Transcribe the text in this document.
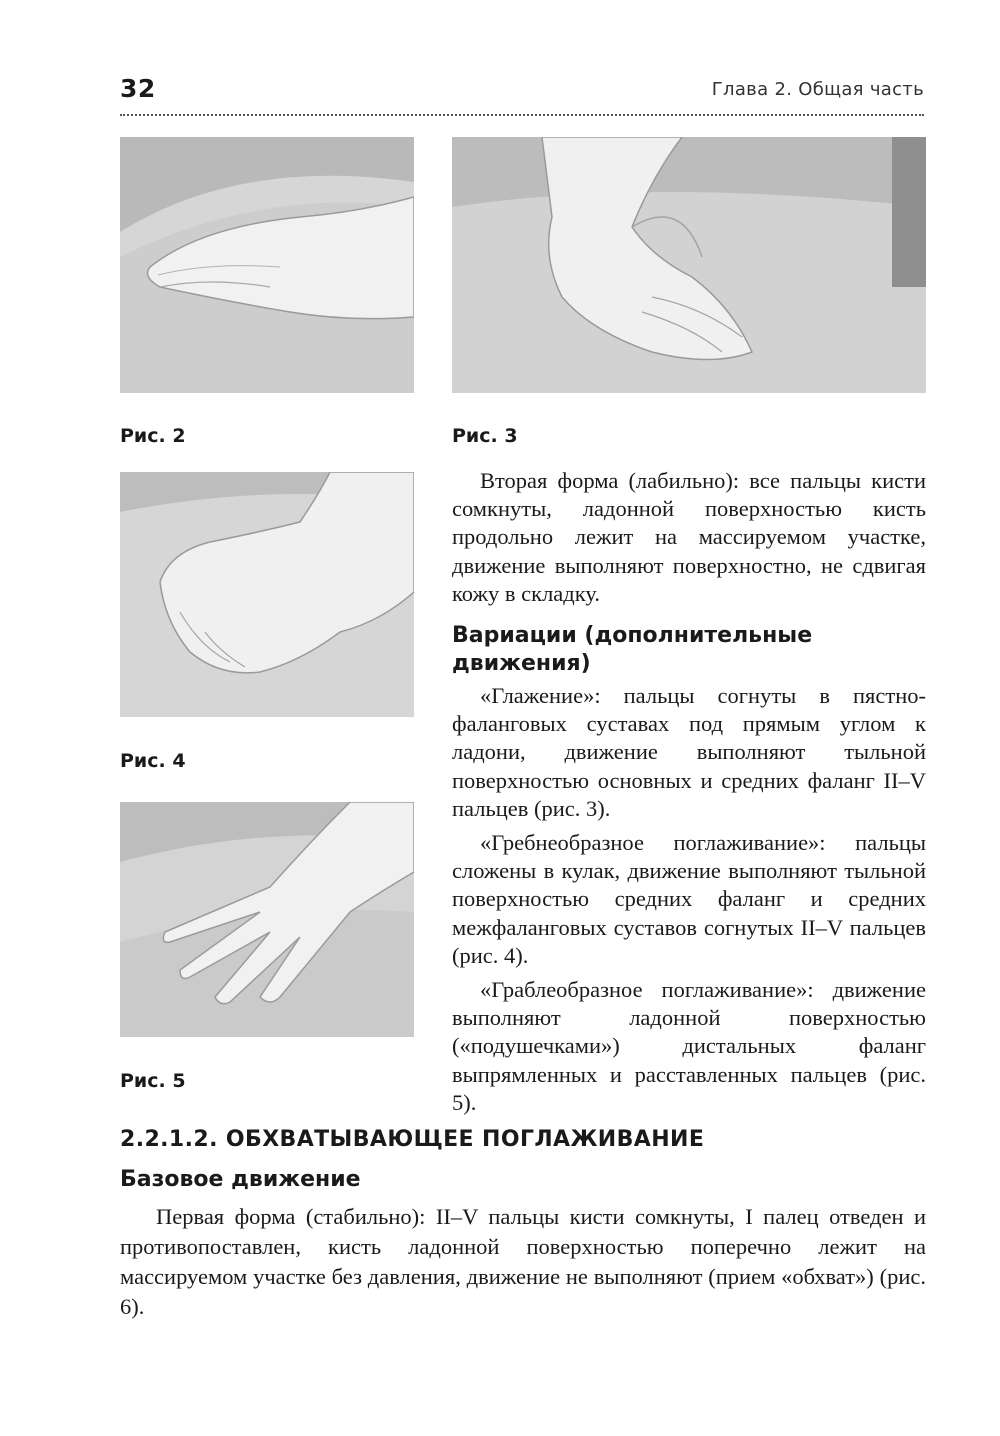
32	Глава 2. Общая часть
Рис. 2	Рис. 3
Рис. 4
Рис. 5

Вторая форма (лабильно): все пальцы кисти сомкнуты, ладонной поверхностью кисть продольно лежит на массируемом участке, движение выполняют поверхностно, не сдвигая кожу в складку.

Вариации (дополнительные движения)

«Глажение»: пальцы согнуты в пястно-фаланговых суставах под прямым углом к ладони, движение выполняют тыльной поверхностью основных и средних фаланг II–V пальцев (рис. 3).

«Гребнеобразное поглаживание»: пальцы сложены в кулак, движение выполняют тыльной поверхностью средних фаланг и средних межфаланговых суставов согнутых II–V пальцев (рис. 4).

«Граблеобразное поглаживание»: движение выполняют ладонной поверхностью («подушечками») дистальных фаланг выпрямленных и расставленных пальцев (рис. 5).

2.2.1.2. ОБХВАТЫВАЮЩЕЕ ПОГЛАЖИВАНИЕ
Базовое движение

Первая форма (стабильно): II–V пальцы кисти сомкнуты, I палец отведен и противопоставлен, кисть ладонной поверхностью поперечно лежит на массируемом участке без давления, движение не выполняют (прием «обхват») (рис. 6).
